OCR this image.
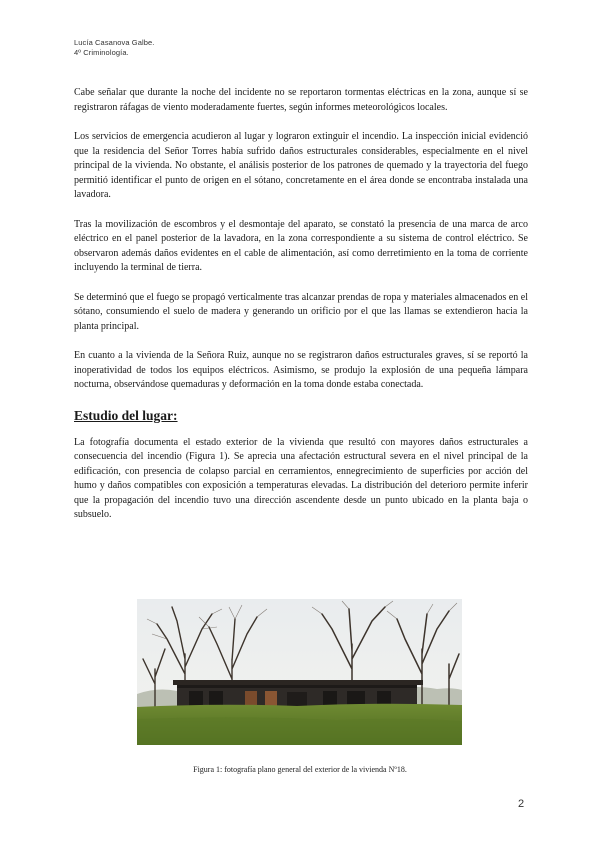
Lucía Casanova Galbe.
4º Criminología.

Cabe señalar que durante la noche del incidente no se reportaron tormentas eléctricas en la zona, aunque sí se registraron ráfagas de viento moderadamente fuertes, según informes meteorológicos locales.

Los servicios de emergencia acudieron al lugar y lograron extinguir el incendio. La inspección inicial evidenció que la residencia del Señor Torres había sufrido daños estructurales considerables, especialmente en el nivel principal de la vivienda. No obstante, el análisis posterior de los patrones de quemado y la trayectoria del fuego permitió identificar el punto de origen en el sótano, concretamente en el área donde se encontraba instalada una lavadora.

Tras la movilización de escombros y el desmontaje del aparato, se constató la presencia de una marca de arco eléctrico en el panel posterior de la lavadora, en la zona correspondiente a su sistema de control eléctrico. Se observaron además daños evidentes en el cable de alimentación, así como derretimiento en la toma de corriente incluyendo la terminal de tierra.

Se determinó que el fuego se propagó verticalmente tras alcanzar prendas de ropa y materiales almacenados en el sótano, consumiendo el suelo de madera y generando un orificio por el que las llamas se extendieron hacia la planta principal.

En cuanto a la vivienda de la Señora Ruiz, aunque no se registraron daños estructurales graves, sí se reportó la inoperatividad de todos los equipos eléctricos. Asimismo, se produjo la explosión de una pequeña lámpara nocturna, observándose quemaduras y deformación en la toma donde estaba conectada.

Estudio del lugar:

La fotografía documenta el estado exterior de la vivienda que resultó con mayores daños estructurales a consecuencia del incendio (Figura 1). Se aprecia una afectación estructural severa en el nivel principal de la edificación, con presencia de colapso parcial en cerramientos, ennegrecimiento de superficies por acción del humo y daños compatibles con exposición a temperaturas elevadas. La distribución del deterioro permite inferir que la propagación del incendio tuvo una dirección ascendente desde un punto ubicado en la planta baja o subsuelo.

Figura 1: fotografía plano general del exterior de la vivienda Nº18.
2
